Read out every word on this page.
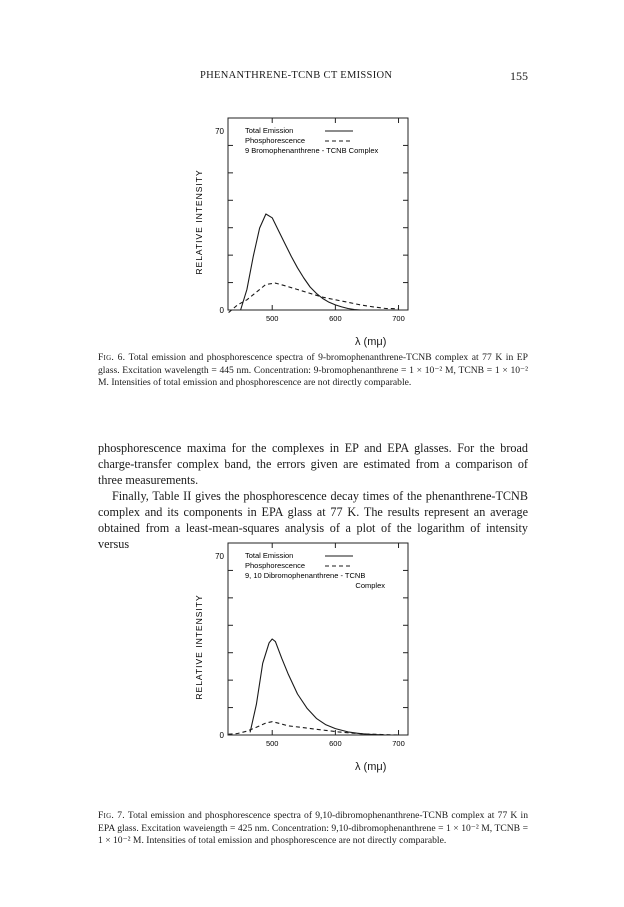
PHENANTHRENE-TCNB CT EMISSION	155
Total Emission
Phosphorescence
9 Bromophenanthrene - TCNB Complex
70
0
500	600	700
RELATIVE INTENSITY
λ (mμ)
Fig. 6. Total emission and phosphorescence spectra of 9-bromophenanthrene-TCNB complex at 77 K in EP glass. Excitation wavelength = 445 nm. Concentration: 9-bromophenanthrene = 1 × 10⁻² M, TCNB = 1 × 10⁻² M. Intensities of total emission and phosphorescence are not directly comparable.

phosphorescence maxima for the complexes in EP and EPA glasses. For the broad charge-transfer complex band, the errors given are estimated from a comparison of three measurements.

Finally, Table II gives the phosphorescence decay times of the phenanthrene-TCNB complex and its components in EPA glass at 77 K. The results represent an average obtained from a least-mean-squares analysis of a plot of the logarithm of intensity versus

Total Emission
Phosphorescence
9, 10 Dibromophenanthrene - TCNB
Complex
70
0
500	600	700
RELATIVE INTENSITY
λ (mμ)
Fig. 7. Total emission and phosphorescence spectra of 9,10-dibromophenanthrene-TCNB complex at 77 K in EPA glass. Excitation waveiength = 425 nm. Concentration: 9,10-dibromophenanthrene = 1 × 10⁻² M, TCNB = 1 × 10⁻² M. Intensities of total emission and phosphorescence are not directly comparable.
